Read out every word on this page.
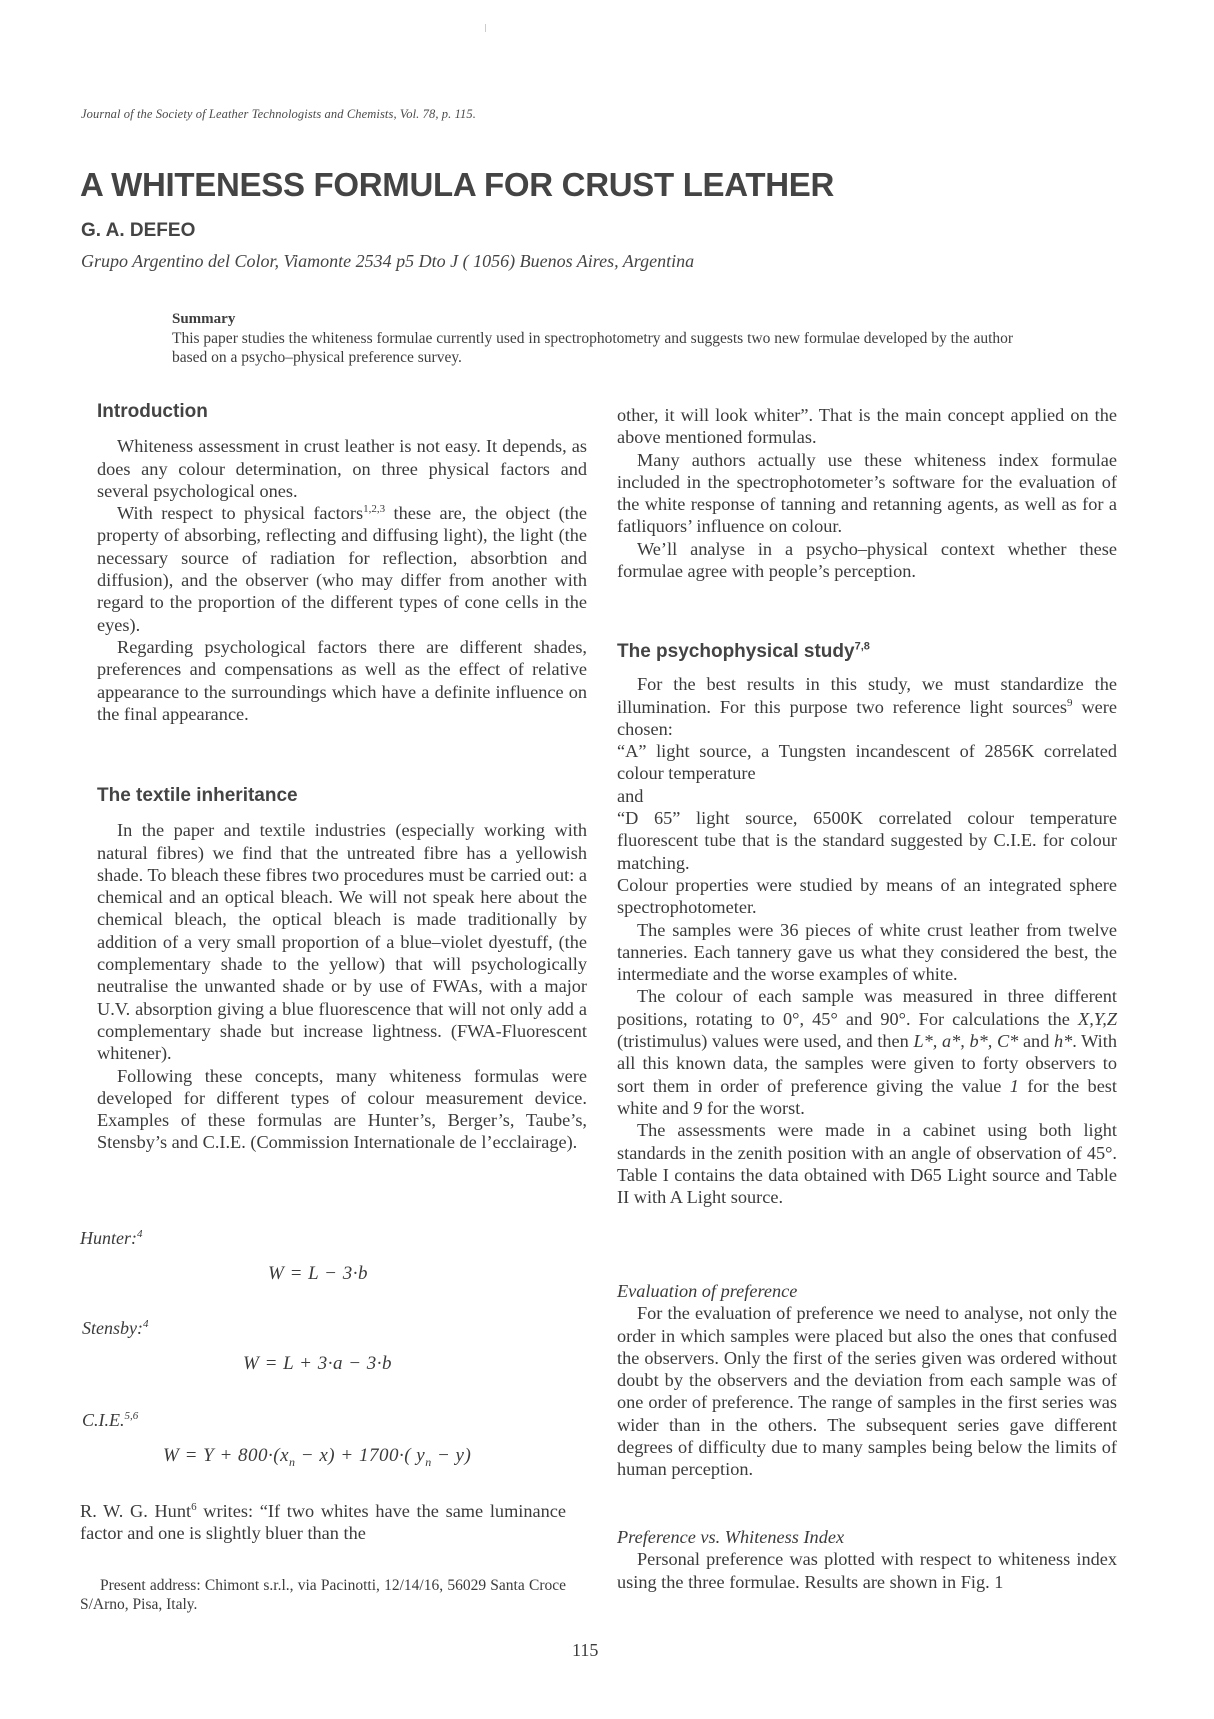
Journal of the Society of Leather Technologists and Chemists, Vol. 78, p. 115.
A WHITENESS FORMULA FOR CRUST LEATHER
G. A. DEFEO
Grupo Argentino del Color, Viamonte 2534 p5 Dto J ( 1056) Buenos Aires, Argentina
Summary
This paper studies the whiteness formulae currently used in spectrophotometry and suggests two new formulae developed by the author based on a psycho–physical preference survey.
Introduction

Whiteness assessment in crust leather is not easy. It depends, as does any colour determination, on three physical factors and several psychological ones.

With respect to physical factors$^{1,2,3}$ these are, the object (the property of absorbing, reflecting and diffusing light), the light (the necessary source of radiation for reflection, absorbtion and diffusion), and the observer (who may differ from another with regard to the proportion of the different types of cone cells in the eyes).

Regarding psychological factors there are different shades, preferences and compensations as well as the effect of relative appearance to the surroundings which have a definite influence on the final appearance.

The textile inheritance

In the paper and textile industries (especially working with natural fibres) we find that the untreated fibre has a yellowish shade. To bleach these fibres two procedures must be carried out: a chemical and an optical bleach. We will not speak here about the chemical bleach, the optical bleach is made traditionally by addition of a very small proportion of a blue–violet dyestuff, (the complementary shade to the yellow) that will psychologically neutralise the unwanted shade or by use of FWAs, with a major U.V. absorption giving a blue fluorescence that will not only add a complementary shade but increase lightness. (FWA-Fluorescent whitener).

Following these concepts, many whiteness formulas were developed for different types of colour measurement device. Examples of these formulas are Hunter’s, Berger’s, Taube’s, Stensby’s and C.I.E. (Commission Internationale de l’ecclairage).

Hunter:$^4$
W = L − 3·b
Stensby:$^4$
W = L + 3·a − 3·b
C.I.E.$^{5,6}$
$W = Y + 800\cdot(x_n - x) + 1700\cdot$( $y_n - y$)

R. W. G. Hunt$^6$ writes: “If two whites have the same luminance factor and one is slightly bluer than the

Present address: Chimont s.r.l., via Pacinotti, 12/14/16, 56029 Santa Croce S/Arno, Pisa, Italy.

other, it will look whiter”. That is the main concept applied on the above mentioned formulas.

Many authors actually use these whiteness index formulae included in the spectrophotometer’s software for the evaluation of the white response of tanning and retanning agents, as well as for a fatliquors’ influence on colour.

We’ll analyse in a psycho–physical context whether these formulae agree with people’s perception.

The psychophysical study$^{7,8}$

For the best results in this study, we must standardize the illumination. For this purpose two reference light sources$^9$ were chosen:

“A” light source, a Tungsten incandescent of 2856K correlated colour temperature

and

“D 65” light source, 6500K correlated colour temperature fluorescent tube that is the standard suggested by C.I.E. for colour matching.

Colour properties were studied by means of an integrated sphere spectrophotometer.

The samples were 36 pieces of white crust leather from twelve tanneries. Each tannery gave us what they considered the best, the intermediate and the worse examples of white.

The colour of each sample was measured in three different positions, rotating to 0°, 45° and 90°. For calculations the X,Y,Z (tristimulus) values were used, and then L*, a*, b*, C* and h*. With all this known data, the samples were given to forty observers to sort them in order of preference giving the value 1 for the best white and 9 for the worst.

The assessments were made in a cabinet using both light standards in the zenith position with an angle of observation of 45°. Table I contains the data obtained with D65 Light source and Table II with A Light source.

Evaluation of preference

For the evaluation of preference we need to analyse, not only the order in which samples were placed but also the ones that confused the observers. Only the first of the series given was ordered without doubt by the observers and the deviation from each sample was of one order of preference. The range of samples in the first series was wider than in the others. The subsequent series gave different degrees of difficulty due to many samples being below the limits of human perception.

Preference vs. Whiteness Index

Personal preference was plotted with respect to whiteness index using the three formulae. Results are shown in Fig. 1

115
